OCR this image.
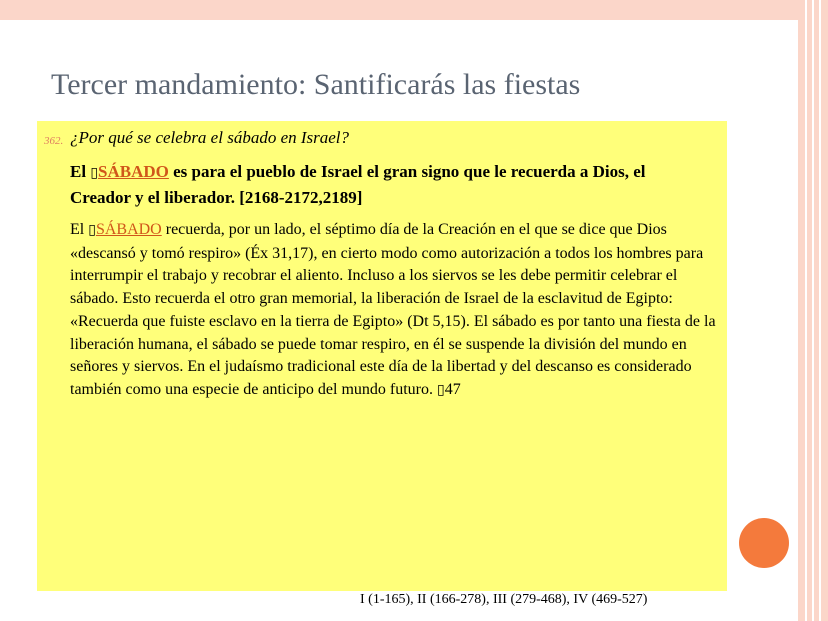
Tercer mandamiento: Santificarás las fiestas
362. ¿Por qué se celebra el sábado en Israel?
El ▯SÁBADO es para el pueblo de Israel el gran signo que le recuerda a Dios, el Creador y el liberador. [2168-2172,2189]
El ▯SÁBADO recuerda, por un lado, el séptimo día de la Creación en el que se dice que Dios «descansó y tomó respiro» (Éx 31,17), en cierto modo como autorización a todos los hombres para interrumpir el trabajo y recobrar el aliento. Incluso a los siervos se les debe permitir celebrar el sábado. Esto recuerda el otro gran memorial, la liberación de Israel de la esclavitud de Egipto: «Recuerda que fuiste esclavo en la tierra de Egipto» (Dt 5,15). El sábado es por tanto una fiesta de la liberación humana, el sábado se puede tomar respiro, en él se suspende la división del mundo en señores y siervos. En el judaísmo tradicional este día de la libertad y del descanso es considerado también como una especie de anticipo del mundo futuro. ▯47
I (1-165), II (166-278), III (279-468), IV (469-527)
